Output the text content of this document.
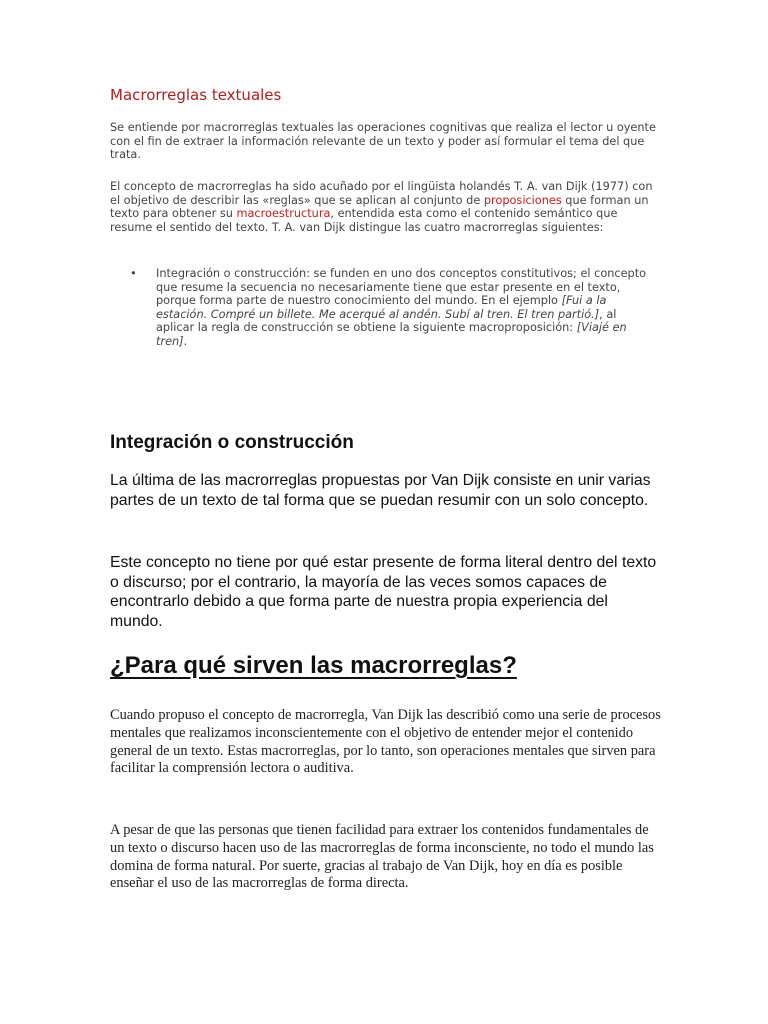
Macrorreglas textuales

Se entiende por macrorreglas textuales las operaciones cognitivas que realiza el lector u oyente con el fin de extraer la información relevante de un texto y poder así formular el tema del que trata.

El concepto de macrorreglas ha sido acuñado por el lingüista holandés T. A. van Dijk (1977) con el objetivo de describir las «reglas» que se aplican al conjunto de proposiciones que forman un texto para obtener su macroestructura, entendida esta como el contenido semántico que resume el sentido del texto. T. A. van Dijk distingue las cuatro macrorreglas siguientes:

• Integración o construcción: se funden en uno dos conceptos constitutivos; el concepto que resume la secuencia no necesariamente tiene que estar presente en el texto, porque forma parte de nuestro conocimiento del mundo. En el ejemplo [Fui a la estación. Compré un billete. Me acerqué al andén. Subí al tren. El tren partió.], al aplicar la regla de construcción se obtiene la siguiente macroproposición: [Viajé en tren].
Integración o construcción

La última de las macrorreglas propuestas por Van Dijk consiste en unir varias partes de un texto de tal forma que se puedan resumir con un solo concepto.

Este concepto no tiene por qué estar presente de forma literal dentro del texto o discurso; por el contrario, la mayoría de las veces somos capaces de encontrarlo debido a que forma parte de nuestra propia experiencia del mundo.

¿Para qué sirven las macrorreglas?

Cuando propuso el concepto de macrorregla, Van Dijk las describió como una serie de procesos mentales que realizamos inconscientemente con el objetivo de entender mejor el contenido general de un texto. Estas macrorreglas, por lo tanto, son operaciones mentales que sirven para facilitar la comprensión lectora o auditiva.

A pesar de que las personas que tienen facilidad para extraer los contenidos fundamentales de un texto o discurso hacen uso de las macrorreglas de forma inconsciente, no todo el mundo las domina de forma natural. Por suerte, gracias al trabajo de Van Dijk, hoy en día es posible enseñar el uso de las macrorreglas de forma directa.
